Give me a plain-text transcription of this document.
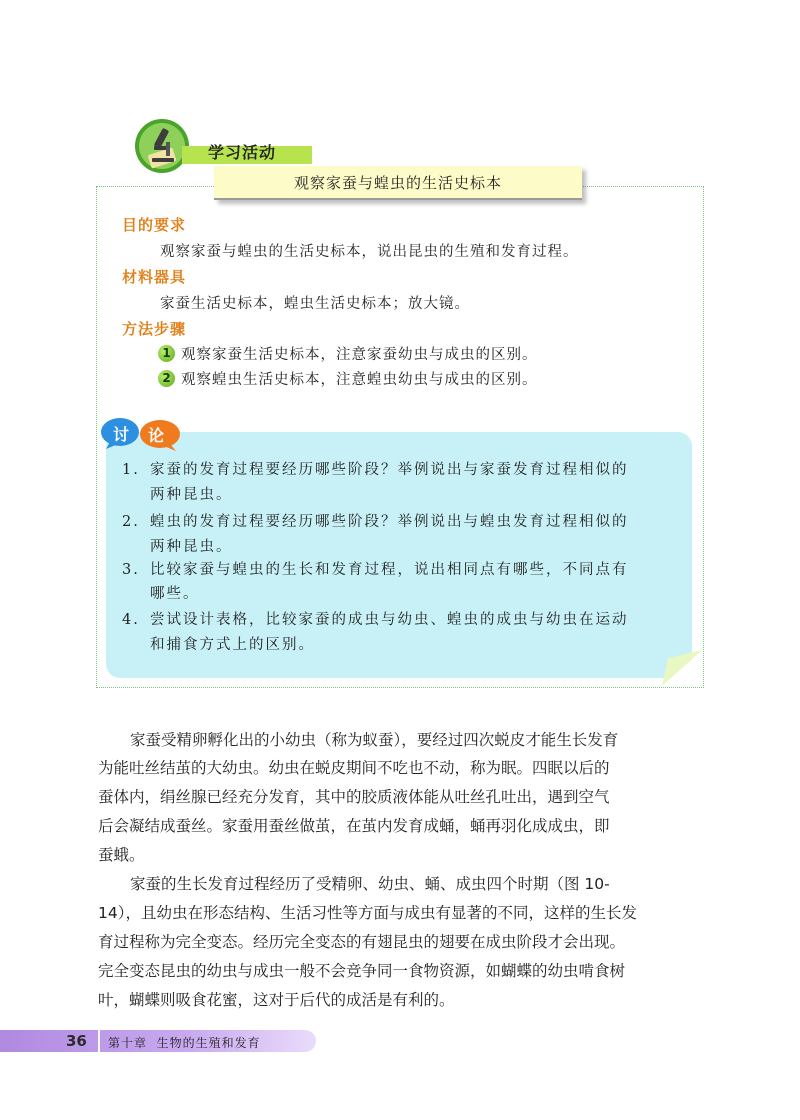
学习活动
观察家蚕与蝗虫的生活史标本
目的要求
观察家蚕与蝗虫的生活史标本，说出昆虫的生殖和发育过程。
材料器具
家蚕生活史标本，蝗虫生活史标本；放大镜。
方法步骤
1 观察家蚕生活史标本，注意家蚕幼虫与成虫的区别。
2 观察蝗虫生活史标本，注意蝗虫幼虫与成虫的区别。
讨 论
1. 家蚕的发育过程要经历哪些阶段？举例说出与家蚕发育过程相似的
两种昆虫。
2. 蝗虫的发育过程要经历哪些阶段？举例说出与蝗虫发育过程相似的
两种昆虫。
3. 比较家蚕与蝗虫的生长和发育过程，说出相同点有哪些，不同点有
哪些。
4. 尝试设计表格，比较家蚕的成虫与幼虫、蝗虫的成虫与幼虫在运动
和捕食方式上的区别。
家蚕受精卵孵化出的小幼虫（称为蚁蚕），要经过四次蜕皮才能生长发育
为能吐丝结茧的大幼虫。幼虫在蜕皮期间不吃也不动，称为眠。四眠以后的
蚕体内，绢丝腺已经充分发育，其中的胶质液体能从吐丝孔吐出，遇到空气
后会凝结成蚕丝。家蚕用蚕丝做茧，在茧内发育成蛹，蛹再羽化成成虫，即
蚕蛾。
家蚕的生长发育过程经历了受精卵、幼虫、蛹、成虫四个时期（图 10-
14），且幼虫在形态结构、生活习性等方面与成虫有显著的不同，这样的生长发
育过程称为完全变态。经历完全变态的有翅昆虫的翅要在成虫阶段才会出现。
完全变态昆虫的幼虫与成虫一般不会竞争同一食物资源，如蝴蝶的幼虫啃食树
叶，蝴蝶则吸食花蜜，这对于后代的成活是有利的。
36 第十章  生物的生殖和发育
